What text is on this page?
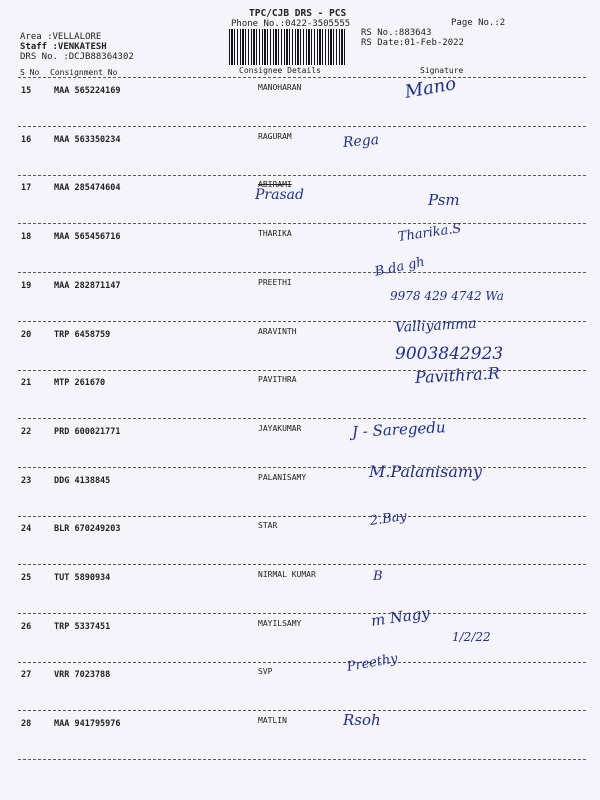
TPC/CJB DRS - PCS
Phone No.:0422-3505555
RS No.:883643
RS Date:01-Feb-2022
Page No.:2
Area :VELLALORE
Staff :VENKATESH
DRS No. :DCJB88364302
S No Consignment No	Consignee Details	Signature
15	MAA 565224169	MANOHARAN	Mano
16	MAA 563350234	RAGURAM	Rega
17	MAA 285474604	ABIRAMI
Prasad	Psm
18	MAA 565456716	THARIKA	Tharika.S
19	MAA 282871147	PREETHI
B.da gh
9978 429 4742 Wa
20	TRP 6458759	ARAVINTH	Valliyamma
9003842923
21	MTP 261670	PAVITHRA	Pavithra.R
22	PRD 600021771	JAYAKUMAR	J - Saregedu
23	DDG 4138845	PALANISAMY	M.Palanisamy
24	BLR 670249203	STAR	2.Bay
25	TUT 5890934	NIRMAL KUMAR	B
26	TRP 5337451	MAYILSAMY	m Nagy
1/2/22
27	VRR 7023788	SVP	Preethy
28	MAA 941795976	MATLIN	Rsoh
